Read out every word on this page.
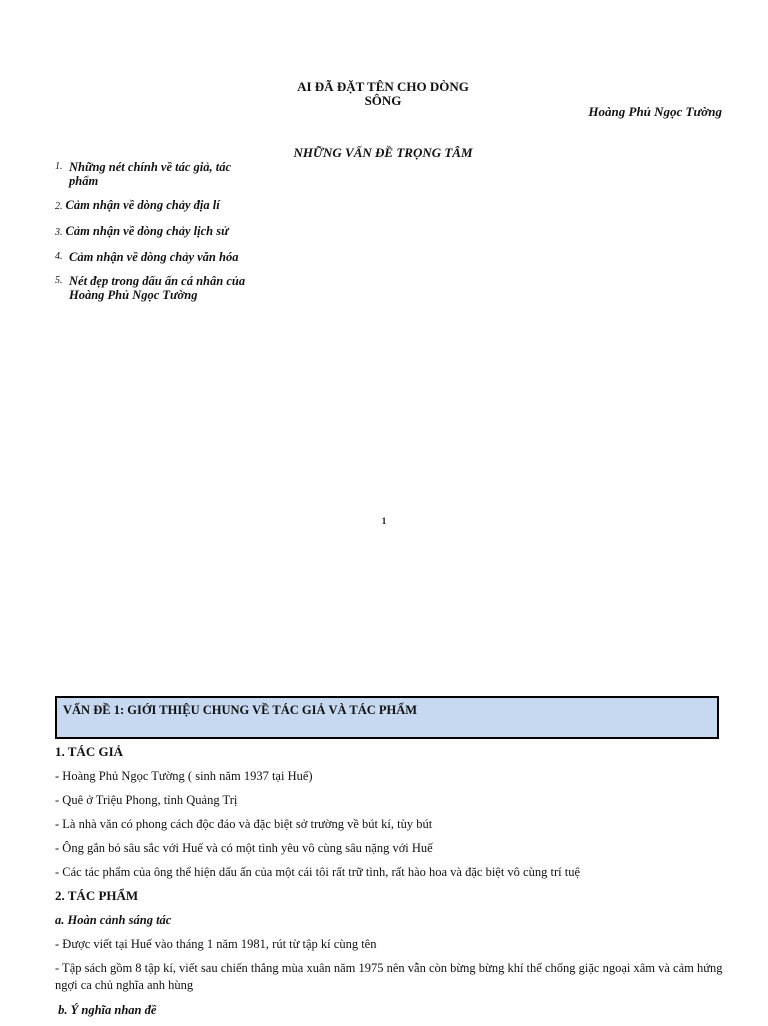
AI ĐÃ ĐẶT TÊN CHO DÒNG
SÔNG
Hoàng Phủ Ngọc Tường
NHỮNG VẤN ĐỀ TRỌNG TÂM
1. Những nét chính về tác giả, tác phẩm
2. Cảm nhận về dòng chảy địa lí
3. Cảm nhận về dòng chảy lịch sử
4. Cảm nhận về dòng chảy văn hóa
5. Nét đẹp trong dấu ấn cá nhân của Hoàng Phủ Ngọc Tường
1
VẤN ĐỀ 1: GIỚI THIỆU CHUNG VỀ TÁC GIẢ VÀ TÁC PHẨM
1. TÁC GIẢ
- Hoàng Phủ Ngọc Tường ( sinh năm 1937 tại Huế)
- Quê ở Triệu Phong, tỉnh Quảng Trị
- Là nhà văn có phong cách độc đáo và đặc biệt sở trường về bút kí, tùy bút
- Ông gắn bó sâu sắc với Huế và có một tình yêu vô cùng sâu nặng với Huế
- Các tác phẩm của ông thể hiện dấu ấn của một cái tôi rất trữ tình, rất hào hoa và đặc biệt vô cùng trí tuệ
2. TÁC PHẨM
a. Hoàn cảnh sáng tác
- Được viết tại Huế vào tháng 1 năm 1981, rút từ tập kí cùng tên
- Tập sách gồm 8 tập kí, viết sau chiến thắng mùa xuân năm 1975 nên vẫn còn bừng bừng khí thế chống giặc ngoại xâm và cảm hứng ngợi ca chủ nghĩa anh hùng
b. Ý nghĩa nhan đề
